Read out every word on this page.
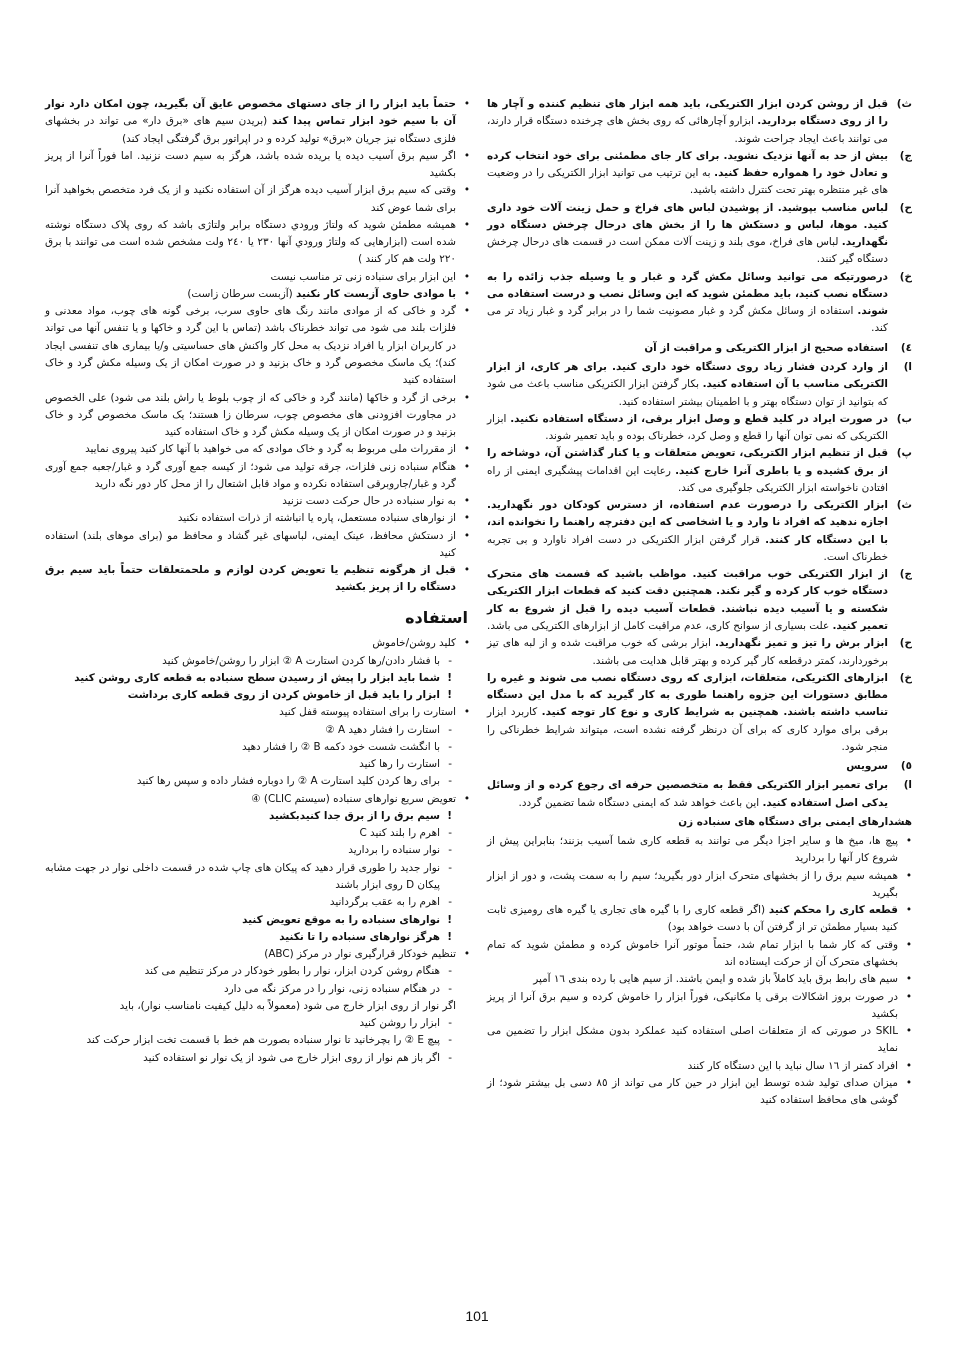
ث)
قبل از روشن کردن ابزار الکتریکی، باید همه ابزار های تنظیم کننده و آچار ها را از روی دستگاه بردارید. ابزارو آچارهائی که روی بخش های چرخنده دستگاه قرار دارند، می توانند باعث ایجاد جراحت شوند.

ج)
بیش از حد به آنها نزدیک نشوید. برای کار جای مطمئنی برای خود انتخاب کرده و تعادل خود را همواره حفظ کنید. به این ترتیب می توانید ابزار الکتریکی را در وضعیت های غیر منتظره بهتر تحت کنترل داشته باشید.

ح)
لباس مناسب بپوشید. از پوشیدن لباس های فراخ و حمل زینت آلات خود داری کنید. موها، لباس و دستکش ها را از بخش های درحال چرخش دستگاه دور نگهدارید. لباس های فراخ، موی بلند و زینت آلات ممکن است در قسمت های درحال چرخش دستگاه گیر کنند.

خ)
درصورتیکه می توانید وسائل مکش گرد و غبار و یا وسیله جذب زائده را به دستگاه نصب کنید، باید مطمئن شوید که این وسائل نصب و درست استفاده می شوند. استفاده از وسائل مکش گرد و غبار مصونیت شما را در برابر گرد و غبار زیاد تر می کند.

٤)
استفاده صحیح از ابزار الکتریکی و مراقبت از آن

ا)
از وارد کردن فشار زیاد روی دستگاه خود داری کنید. برای هر کاری، از ابزار الکتریکی مناسب با آن استفاده کنید. بکار گرفتن ابزار الکتریکی مناسب باعث می شود که بتوانید از توان دستگاه بهتر و با اطمینان بیشتر استفاده کنید.

ب)
در صورت ایراد در کلید قطع و وصل ابزار برقی، از دستگاه استفاده نکنید. ابزار الکتریکی که نمی توان آنها را قطع و وصل کرد، خطرناک بوده و باید تعمیر شوند.

پ)
قبل از تنظیم ابزار الکتریکی، تعویض متعلقات و یا کنار گذاشتن آن، دوشاخه را از برق کشیده و یا باطری آنرا خارج کنید. رعایت این اقدامات پیشگیری ایمنی از راه افتادن ناخواسته ابزار الکتریکی جلوگیری می کند.

ث)
ابزار الکتریکی را درصورت عدم استفاده، از دسترس کودکان دور نگهدارید. اجازه ندهید که افراد نا وارد و یا اشخاصی که این دفترچه راهنما را نخوانده اند، با این دستگاه کار کنند. قرار گرفتن ابزار الکتریکی در دست افراد ناوارد و بی تجربه خطرناک است.

ج)
از ابزار الکتریکی خوب مراقبت کنید. مواظب باشید که قسمت های متحرک دستگاه خوب کار کرده و گیر نکند. همچنین دقت کنید که قطعات ابزار الکتریکی شکسته و یا آسیب دیده نباشند. قطعات آسیب دیده را قبل از شروع به کار تعمیر کنید. علت بسیاری از سوانح کاری، عدم مراقبت کامل از ابزارهای الکتریکی می باشد.

ح)
ابزار برش را تیز و تمیز نگهدارید. ابزار برشی که خوب مراقبت شده و از لبه های تیز برخوردارند، کمتر درقطعه کار گیر کرده و بهتر قابل هدایت می باشند.

خ)
ابزارهای الکتریکی، متعلقات، ابزاری که روی دستگاه نصب می شوند و غیره را مطابق دستورات این جزوه راهنما طوری به کار گیرید که با مدل این دستگاه تناسب داشته باشند. همچنین به شرایط کاری و نوع کار توجه کنید. کاربرد ابزار برقی برای موارد کاری که برای آن درنظر گرفته نشده است، میتواند شرایط خطرناکی را منجر شود.

٥)
سرویس

ا)
برای تعمیر ابزار الکتریکی فقط به متخصصین حرفه ای رجوع کرده و از وسائل یدکی اصل استفاده کنید. این باعث خواهد شد که ایمنی دستگاه شما تضمین گردد.

هشدارهای ایمنی برای دستگاه های سنباده زن
• پیچ ها، میخ ها و سایر اجزا دیگر می توانند به قطعه کاری شما آسیب بزنند؛ بنابراین پیش از شروع کار آنها را بردارید
• همیشه سیم برق را از بخشهای متحرک ابزار دور بگیرید؛ سیم را به سمت پشت، و دور از ابزار بگیرید
• قطعه کاری را محکم کنید (اگر قطعه کاری را با گیره های تجاری یا گیره های رومیزی ثابت کنید بسیار مطمئن تر از گرفتن آن با دست خواهد بود)
• وقتی که کار شما با ابزار تمام شد، حتماً موتور آنرا خاموش کرده و مطمئن شوید که تمام بخشهای متحرک آن از حرکت ایستاده اند
• سیم های رابط برق باید کاملاً باز شده و ایمن باشند. از سیم هایی با رده بندی ١٦ آمپر
• در صورت بروز اشکالات برقی یا مکانیکی، فوراً ابزار را خاموش کرده و سیم برق آنرا از پریز بکشید
• SKIL در صورتی که از متعلقات اصلی استفاده کنید عملکرد بدون مشکل ابزار را تضمین می نماید
• افراد کمتر از ١٦ سال نباید با این دستگاه کار کنند
• میزان صدای تولید شده توسط این ابزار در حین کار می تواند از ٨٥ دسی بل بیشتر شود؛ از گوشی های محافظ استفاده کنید
• حتماً باید ابزار را از جای دستهای مخصوص عایق آن بگیرید، چون امکان دارد نوار آن با سیم خود ابزار تماس پیدا کند (بریدن سیم های «برق دار» می تواند در بخشهای فلزی دستگاه نیز جریان «برق» تولید کرده و در اپراتور برق گرفتگی ایجاد کند)
• اگر سیم برق آسیب دیده یا بریده شده باشد، هرگز به سیم دست نزنید. اما فوراً آنرا از پریز بکشید
• وقتی که سیم برق ابزار آسیب دیده هرگز از آن استفاده نکنید و از یک فرد متخصص بخواهید آنرا برای شما عوض کند
• همیشه مطمئن شوید که ولتاژ ورودي دستگاه برابر ولتاژی باشد که روی پلاک دستگاه نوشته شده است (ابزارهایی که ولتاژ ورودي آنها ٢٣٠ یا ٢٤٠ ولت مشخص شده است می توانند با برق ٢٢٠ ولت هم کار کنند )
• این ابزار برای سنباده زنی تر مناسب نیست
• با موادی حاوی آزبست کار نکنید (آزبست سرطان زاست)
• گرد و خاکی که از موادی مانند رنگ های حاوی سرب، برخی گونه های چوب، مواد معدنی و فلزات بلند می شود می تواند خطرناک باشد (تماس با این گرد و خاکها و یا تنفس آنها می تواند در کاربران ابزار یا افراد نزدیک به محل کار واکنش های حساسیتی و/یا بیماری های تنفسی ایجاد کند)؛ یک ماسک مخصوص گرد و خاک بزنید و در صورت امکان از یک وسیله مکش گرد و خاک استفاده کنید
• برخی از گرد و خاکها (مانند گرد و خاکی که از چوب بلوط یا راش بلند می شود) علی الخصوص در مجاورت افزودنی های مخصوص چوب، سرطان زا هستند؛ یک ماسک مخصوص گرد و خاک بزنید و در صورت امکان از یک وسیله مکش گرد و خاک استفاده کنید
• از مقررات ملی مربوط به گرد و خاک موادی که می خواهید با آنها کار کنید پیروی نمایید
• هنگام سنباده زنی فلزات، جرقه تولید می شود؛ از کیسه جمع آوری گرد و غبار/جعبه جمع آوری گرد و غبار/جاروبرقی استفاده نکرده و مواد قابل اشتعال را از محل کار دور نگه دارید
• به نوار سنباده در حال حرکت دست نزنید
• از نوارهای سنباده مستعمل، پاره یا انباشته از ذرات استفاده نکنید
• از دستکش محافظ، عینک ایمنی، لباسهای غیر گشاد و محافظ مو (برای موهای بلند) استفاده کنید
• قبل از هرگونه تنظیم یا تعویض کردن لوازم و ملحمتعلقات حتماً باید سیم برق دستگاه را از پریز بکشید
استفاده
• کلید روشن/خاموش
- با فشار دادن/رها کردن استارت A ② ابزار را روشن/خاموش کنید
! شما باید ابزار را پیش از رسیدن سطح سنباده به قطعه کاری روشن کنید
! ابزار را باید قبل از خاموش کردن از روی قطعه کاری برداشت
• استارت را برای استفاده پیوسته قفل کنید
- استارت را فشار دهید A ②
- با انگشت شست خود دکمه B ② را فشار دهید
- استارت را رها کنید
- برای رها کردن کلید استارت A ② را دوباره فشار داده و سپس رها کنید
• تعویض سریع نوارهای سنباده (سیستم CLIC) ④
! سیم برق را از برق جدا کنیدبکشید
- اهرم را بلند کنید C
- نوار سنباده را بردارید
- نوار جدید را طوری قرار دهید که پیکان های چاپ شده در قسمت داخلی نوار در جهت مشابه پیکان D روی ابزار باشند
- اهرم را به عقب برگردانید
! نوارهای سنباده را به موقع تعویض کنید
! هرگز نوارهای سنباده را تا نکنید
• تنظیم خودکار قرارگیری نوار در مرکز (ABC)
- هنگام روشن کردن ابزار، نوار را بطور خودکار در مرکز تنظیم می کند
- در هنگام سنباده زنی، نوار را در مرکز نگه می دارد
اگر نوار از روی ابزار خارج می شود (معمولاً به دلیل کیفیت نامناسب نوار)، باید
- ابزار را روشن کنید
- پیچ E ② را بچرخانید تا نوار سنباده بصورت هم خط با قسمت تخت ابزار حرکت کند
- اگر باز هم نوار از روی ابزار خارج می شود از یک نوار نو استفاده کنید
101
